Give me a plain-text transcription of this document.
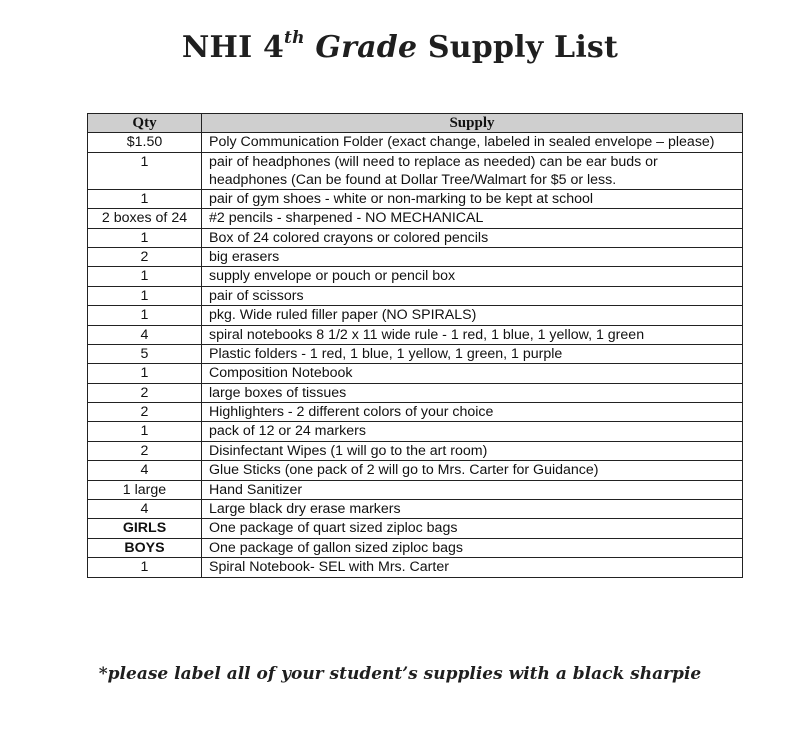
NHI 4th Grade Supply List
Qty	Supply
$1.50	Poly Communication Folder (exact change, labeled in sealed envelope – please)
1	pair of headphones (will need to replace as needed) can be ear buds or headphones (Can be found at Dollar Tree/Walmart for $5 or less.
1	pair of gym shoes - white or non-marking to be kept at school
2 boxes of 24	#2 pencils - sharpened - NO MECHANICAL
1	Box of 24 colored crayons or colored pencils
2	big erasers
1	supply envelope or pouch or pencil box
1	pair of scissors
1	pkg. Wide ruled filler paper (NO SPIRALS)
4	spiral notebooks 8 1/2 x 11 wide rule - 1 red, 1 blue, 1 yellow, 1 green
5	Plastic folders - 1 red, 1 blue, 1 yellow, 1 green, 1 purple
1	Composition Notebook
2	large boxes of tissues
2	Highlighters - 2 different colors of your choice
1	pack of 12 or 24 markers
2	Disinfectant Wipes (1 will go to the art room)
4	Glue Sticks (one pack of 2 will go to Mrs. Carter for Guidance)
1 large	Hand Sanitizer
4	Large black dry erase markers
GIRLS	One package of quart sized ziploc bags
BOYS	One package of gallon sized ziploc bags
1	Spiral Notebook- SEL with Mrs. Carter
*please label all of your student’s supplies with a black sharpie
